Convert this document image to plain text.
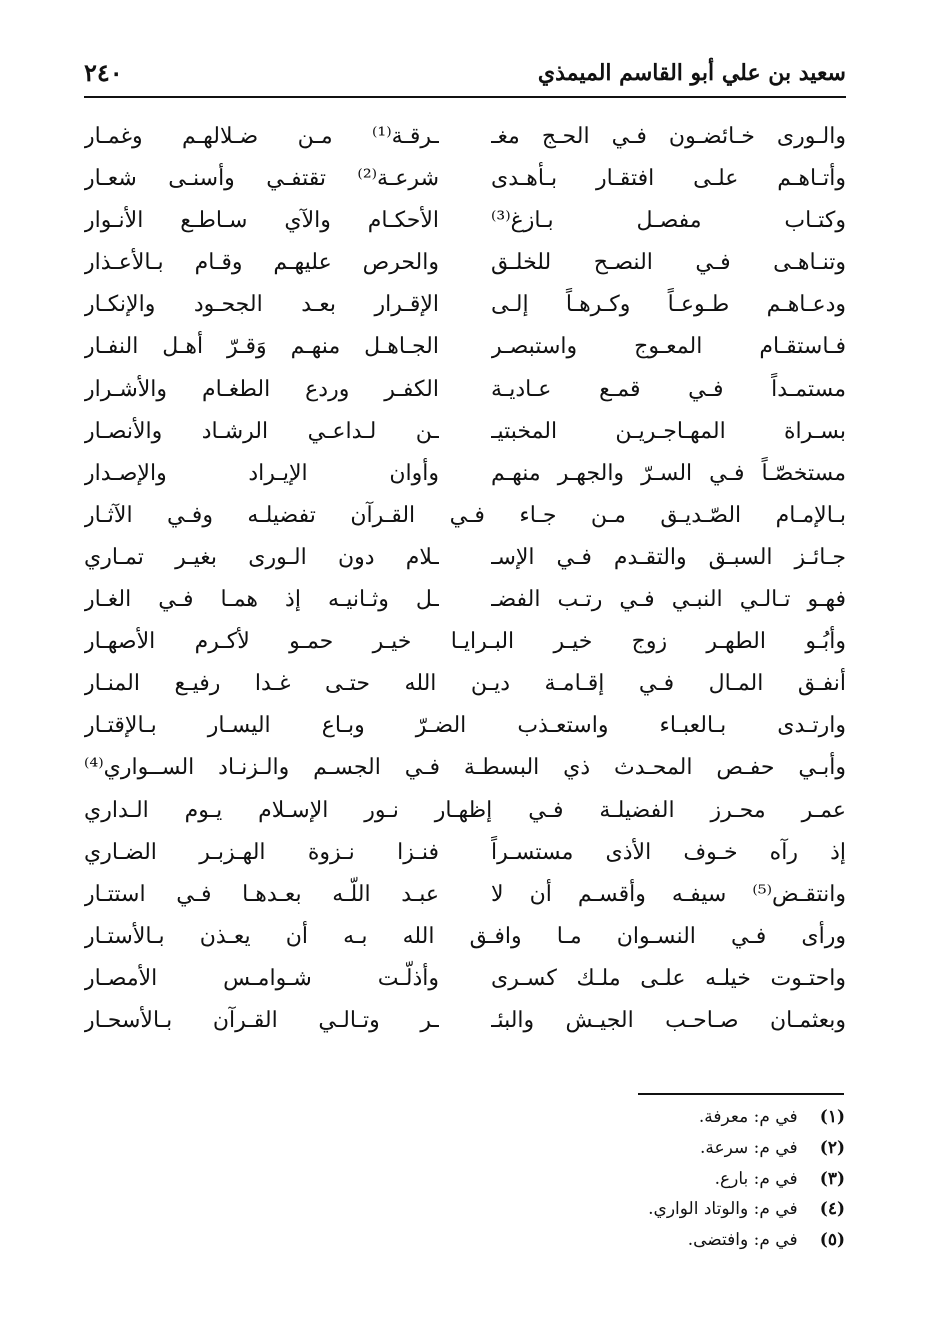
سعيد بن علي أبو القاسم الميمذي
٢٤٠
والـورى خـائضـون فـي الحـج مغـ
ـرقـة⁽¹⁾ مـن ضـلالهـم وغمـار
وأتـاهـم علـى افتقـار بـأهـدى
شرعـة⁽²⁾ تقتفـي وأسنـى شعـار
وكتـاب مفصـل بـازغ⁽³⁾
الأحكـام والآي سـاطـع الأنـوار
وتنـاهـى فـي النصـح للخلـق
والحرص عليهـم وقـام بـالأعـذار
ودعـاهـم طـوعـاً وكـرهـاً إلـى
الإقـرار بعـد الجحـود والإنكـار
فـاستقـام المعـوج واستبصـر
الجـاهـل منهـم وَقـرّ أهـل النفـار
مستمـداً فـي قمـع عـاديـة
الكفـر وردع الطغـام والأشـرار
بسـراة المهـاجـريـن المخبتيـ
ـن لـداعـي الرشـاد والأنصـار
مستخصّـاً فـي السـرّ والجهـر منهـم
وأوان الإيـراد والإصـدار
بـالإمـام الصّـديـق مـن جـاء فـي القـرآن تفضيلـه وفـي الآثـار
جـائـز السبـق والتقـدم فـي الإسـ
ـلام دون الـورى بغيـر تمـاري
فهـو تـالـي النبـي فـي رتـب الفضـ
ـل وثـانيـه إذ همـا فـي الغـار
وأبُـو الطهـر زوج خيـر البـرايـا خيـر حمـو لأكـرم الأصهـار
أنفـق المـال فـي إقـامـة ديـن الله حتـى غـدا رفيـع المنـار
وارتـدى بـالعبـاء واستعـذب الضـرّ وبـاع اليسـار بـالإقتـار
وأبـي حفـص المحـدث ذي البسطـة فـي الجسـم والـزنـاد الســواري⁽⁴⁾
عمـر محـرز الفضيلـة فـي إظهـار نـور الإسـلام يـوم الـداري
إذ رآه خـوف الأذى مستسـراً
فنـزا نـزوة الهـزبـر الضـاري
وانتقـض⁽⁵⁾ سيفـه وأقسـم أن لا
عبـد اللّـه بعـدهـا فـي استتـار
ورأى فـي النسـوان مـا وافـق الله بـه أن يعـذن بـالأستـار
واحتـوت خيلـه علـى ملـك كسـرى
وأذلّـت شـوامـس الأمصـار
وبعثمـان صـاحـب الجيـش والبئـ
ـر وتـالـي القـرآن بـالأسحـار
(١) في م: معرفة.
(٢) في م: سرعة.
(٣) في م: بارع.
(٤) في م: والوتاد الواري.
(٥) في م: وافتضى.
